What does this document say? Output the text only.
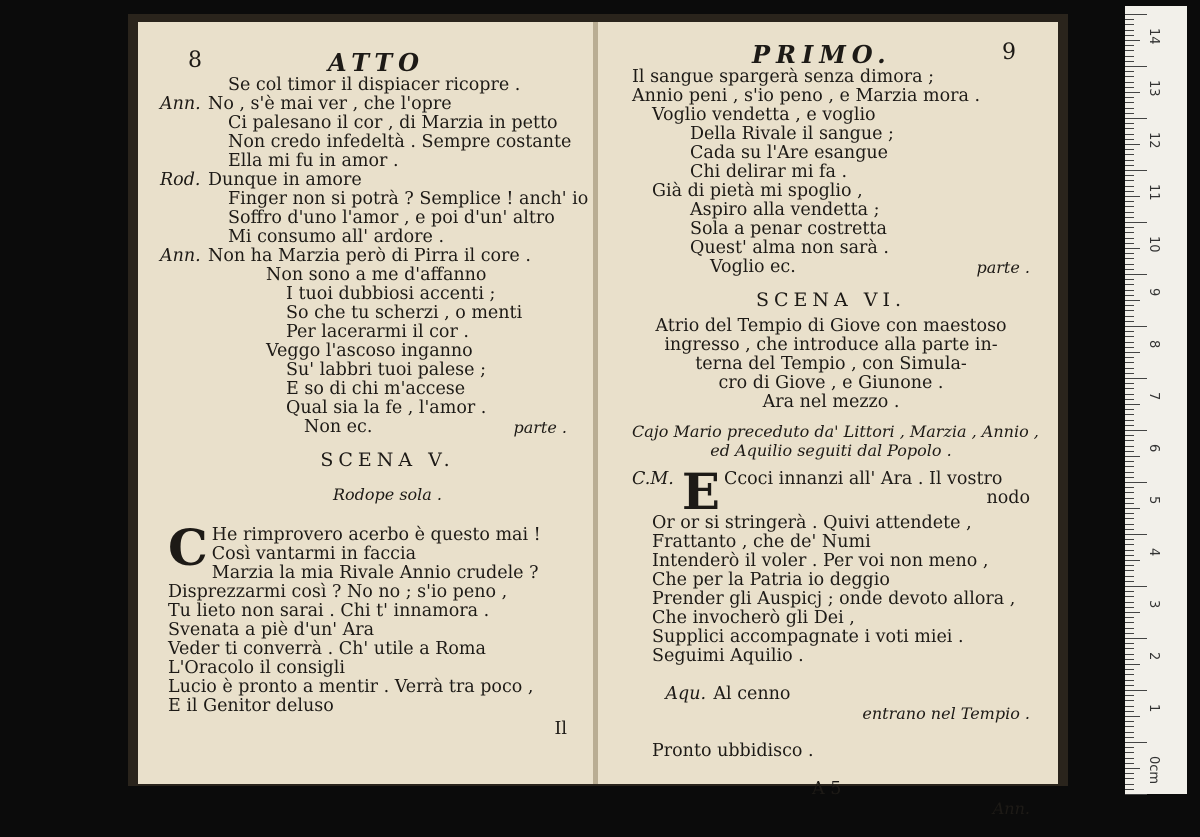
8	ATTO
Se col timor il dispiacer ricopre .
Ann. No , s'è mai ver , che l'opre
Ci palesano il cor , di Marzia in petto
Non credo infedeltà . Sempre costante
Ella mi fu in amor .
Rod. Dunque in amore
Finger non si potrà ? Semplice ! anch' io
Soffro d'uno l'amor , e poi d'un' altro
Mi consumo all' ardore .
Ann. Non ha Marzia però di Pirra il core .
Non sono a me d'affanno
I tuoi dubbiosi accenti ;
So che tu scherzi , o menti
Per lacerarmi il cor .
Veggo l'ascoso inganno
Su' labbri tuoi palese ;
E so di chi m'accese
Qual sia la fe , l'amor .
Non ec.	parte .
SCENA V.
Rodope sola .
C He rimprovero acerbo è questo mai !
Così vantarmi in faccia
Marzia la mia Rivale Annio crudele ?
Disprezzarmi così ? No no ; s'io peno ,
Tu lieto non sarai . Chi t' innamora .
Svenata a piè d'un' Ara
Veder ti converrà . Ch' utile a Roma
L'Oracolo il consigli
Lucio è pronto a mentir . Verrà tra poco ,
E il Genitor deluso
Il
PRIMO.	9
Il sangue spargerà senza dimora ;
Annio peni , s'io peno , e Marzia mora .
Voglio vendetta , e voglio
Della Rivale il sangue ;
Cada su l'Are esangue
Chi delirar mi fa .
Già di pietà mi spoglio ,
Aspiro alla vendetta ;
Sola a penar costretta
Quest' alma non sarà .
Voglio ec.	parte .
SCENA VI.
Atrio del Tempio di Giove con maestoso
ingresso , che introduce alla parte in-
terna del Tempio , con Simula-
cro di Giove , e Giunone .
Ara nel mezzo .
Cajo Mario preceduto da' Littori , Marzia , Annio ,
ed Aquilio seguiti dal Popolo .
C.M. E Ccoci innanzi all' Ara . Il vostro
nodo
Or or si stringerà . Quivi attendete ,
Frattanto , che de' Numi
Intenderò il voler . Per voi non meno ,
Che per la Patria io deggio
Prender gli Auspicj ; onde devoto allora ,
Che invocherò gli Dei ,
Supplici accompagnate i voti miei .
Seguimi Aquilio .

Aqu. Al cenno

entrano nel Tempio .

Pronto ubbidisco .

A 5

Ann.

14
13
12
11
10
9
8
7
6
5
4
3
2
1
0cm
